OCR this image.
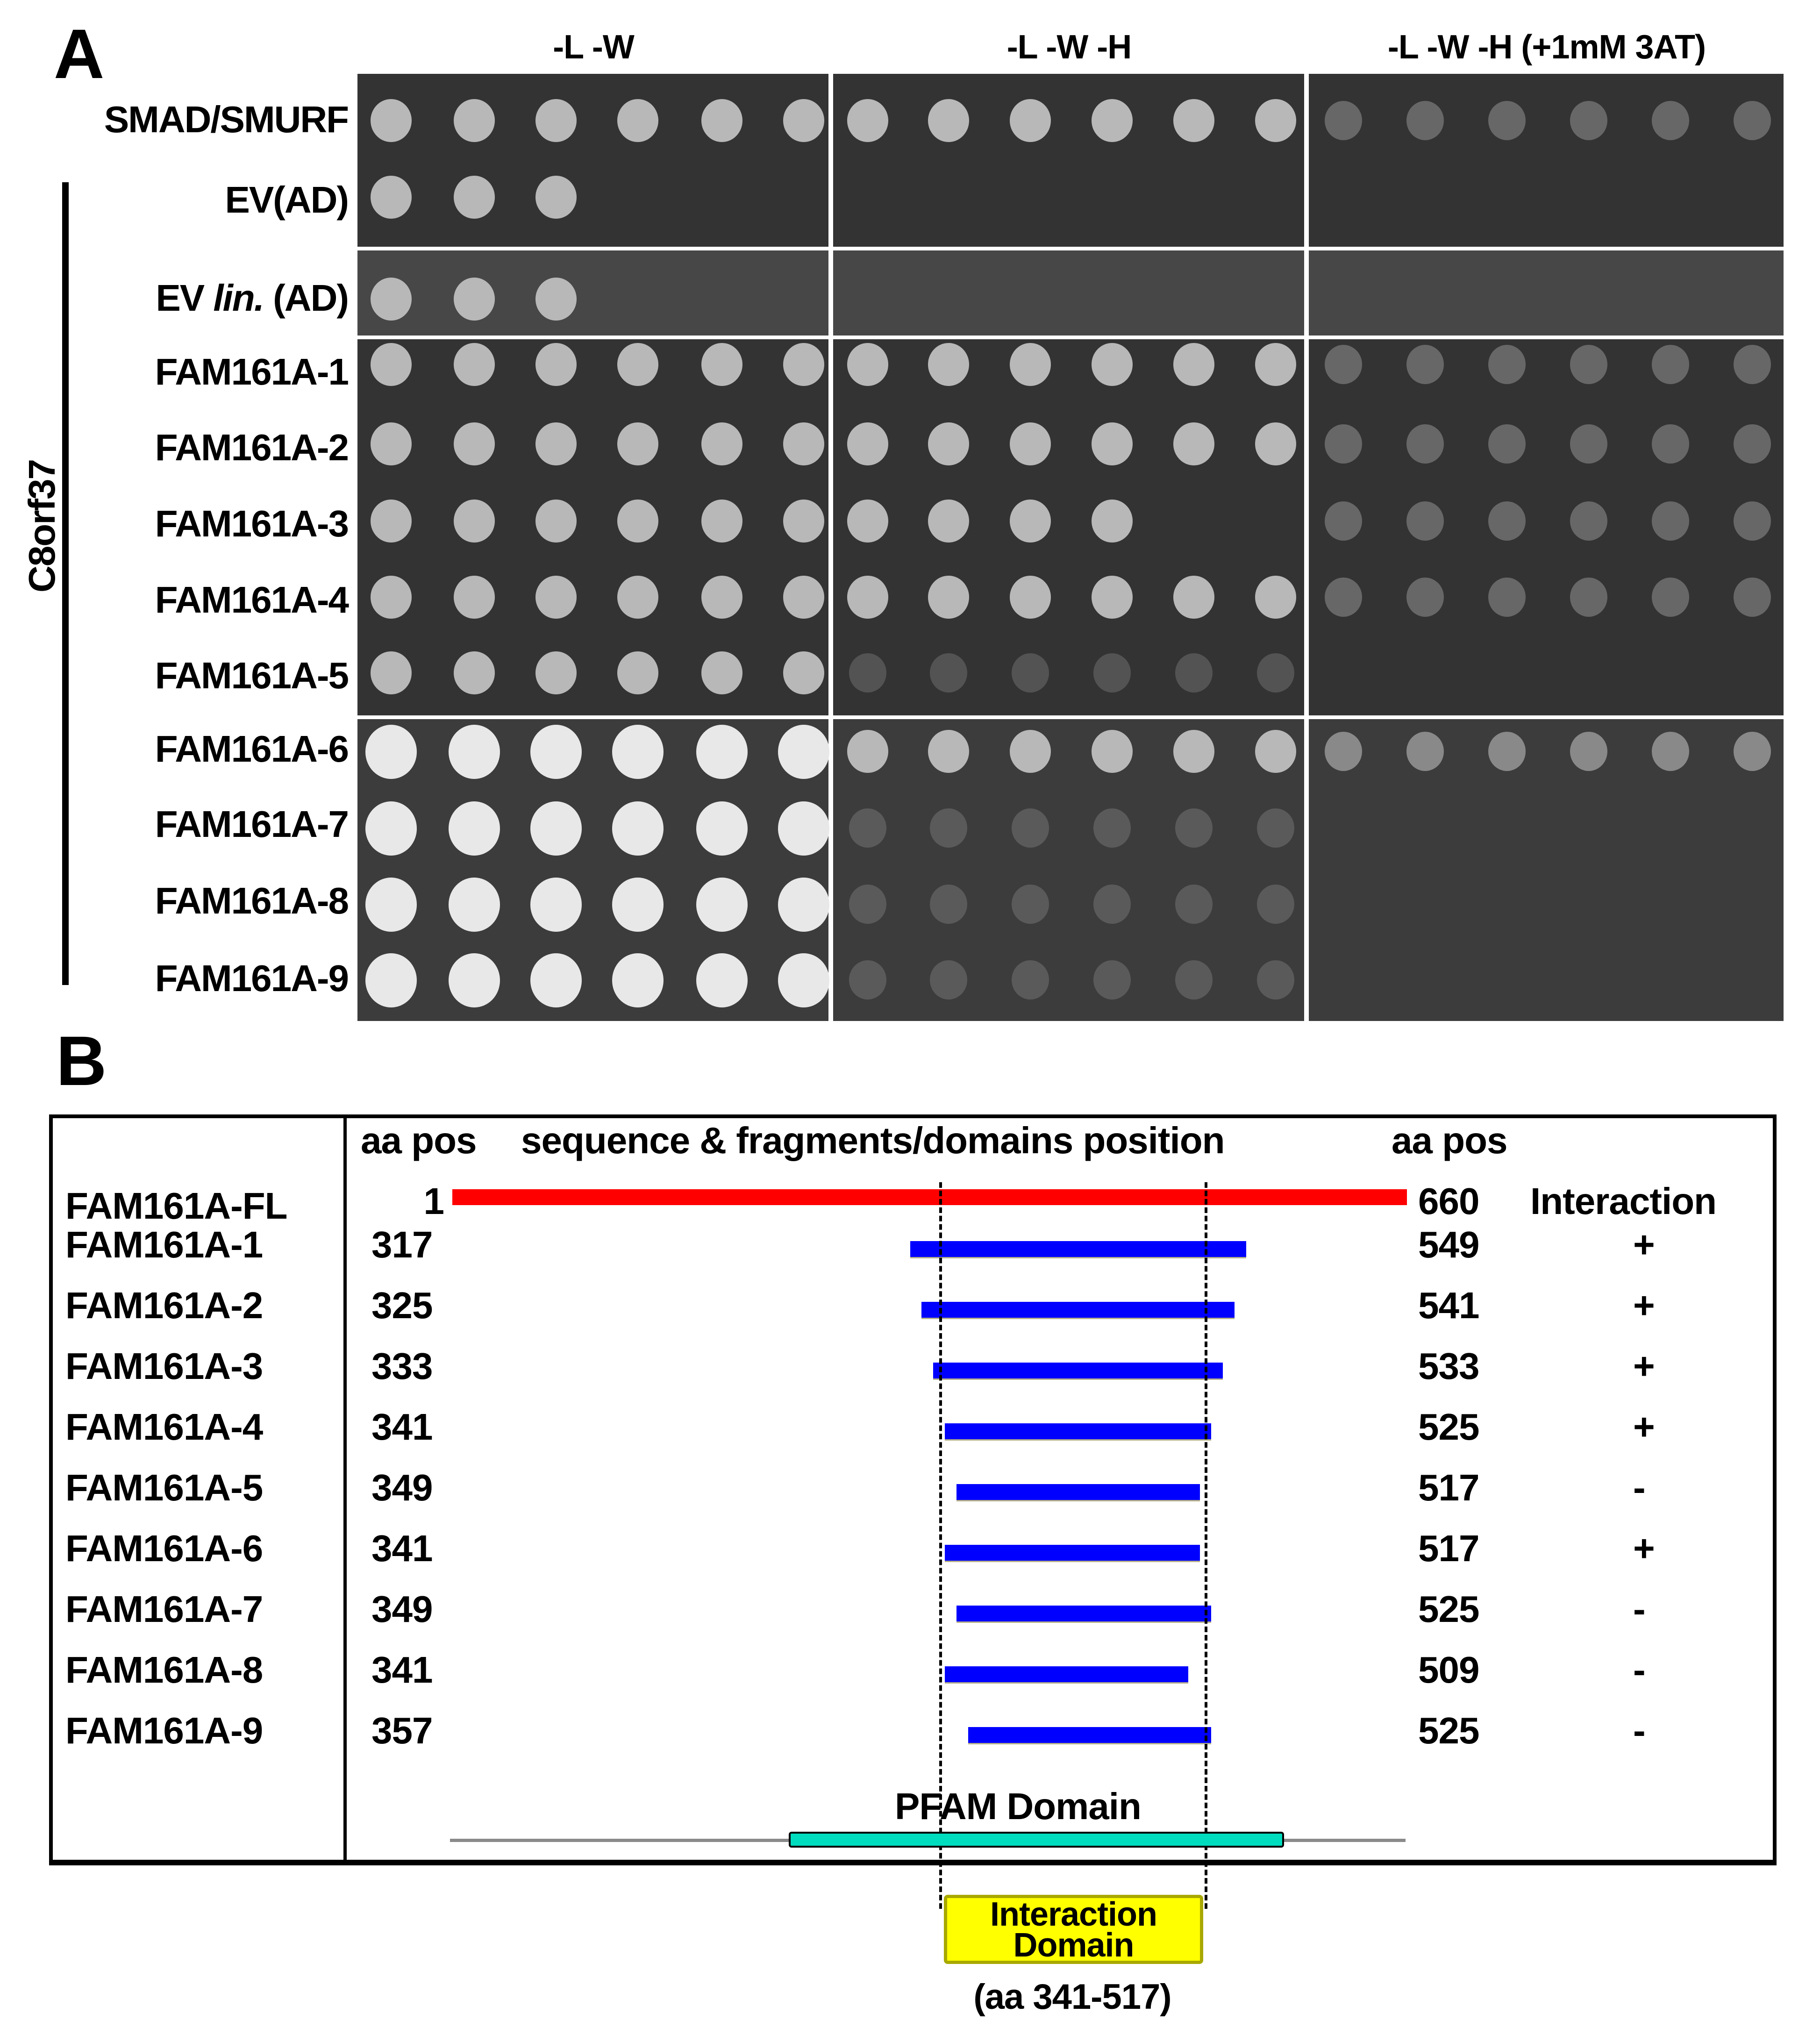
A	-L -W	-L -W -H	-L -W -H (+1mM 3AT)
SMAD/SMURF
EV(AD)
EV lin. (AD)
FAM161A-1
FAM161A-2
FAM161A-3
FAM161A-4
FAM161A-5
FAM161A-6
FAM161A-7
FAM161A-8
FAM161A-9
C8orf37
B
aa pos sequence & fragments/domains position	aa pos
FAM161A-FL	1	660 Interaction
FAM161A-1	317	549	+
FAM161A-2	325	541	+
FAM161A-3	333	533	+
FAM161A-4	341	525	+
FAM161A-5	349	517	-
FAM161A-6	341	517	+
FAM161A-7	349	525	-
FAM161A-8	341	509	-
FAM161A-9	357	525	-
PFAM Domain
Interaction
Domain
(aa 341-517)
